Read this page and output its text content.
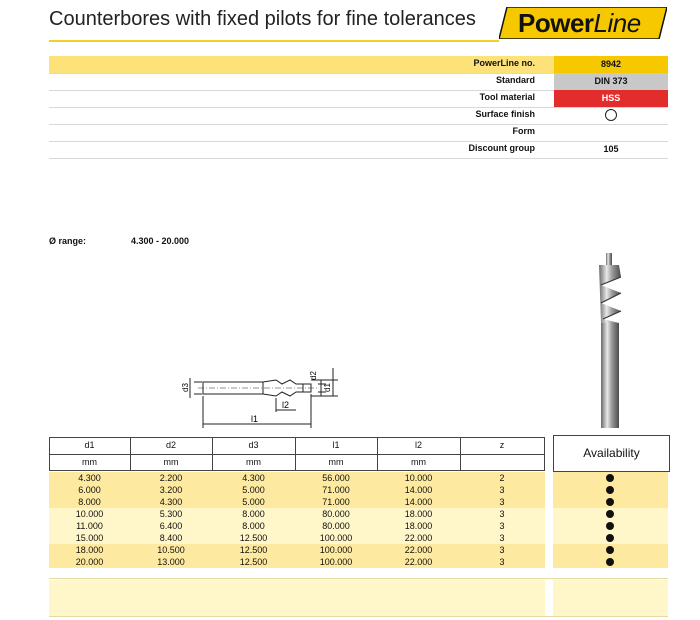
Counterbores with fixed pilots for fine tolerances PowerLine
PowerLine no.	8942
Standard	DIN 373
Tool material	HSS
Surface finish
Form
Discount group	105
Ø range:	4.300 - 20.000
l1
l2
d3	d1
d2
d1	d2	d3	l1	l2	z
mm	mm	mm	mm	mm
Availability
4.300	2.200	4.300	56.000	10.000	2
6.000	3.200	5.000	71.000	14.000	3
8.000	4.300	5.000	71.000	14.000	3
10.000	5.300	8.000	80.000	18.000	3
11.000	6.400	8.000	80.000	18.000	3
15.000	8.400	12.500	100.000	22.000	3
18.000	10.500	12.500	100.000	22.000	3
20.000	13.000	12.500	100.000	22.000	3
